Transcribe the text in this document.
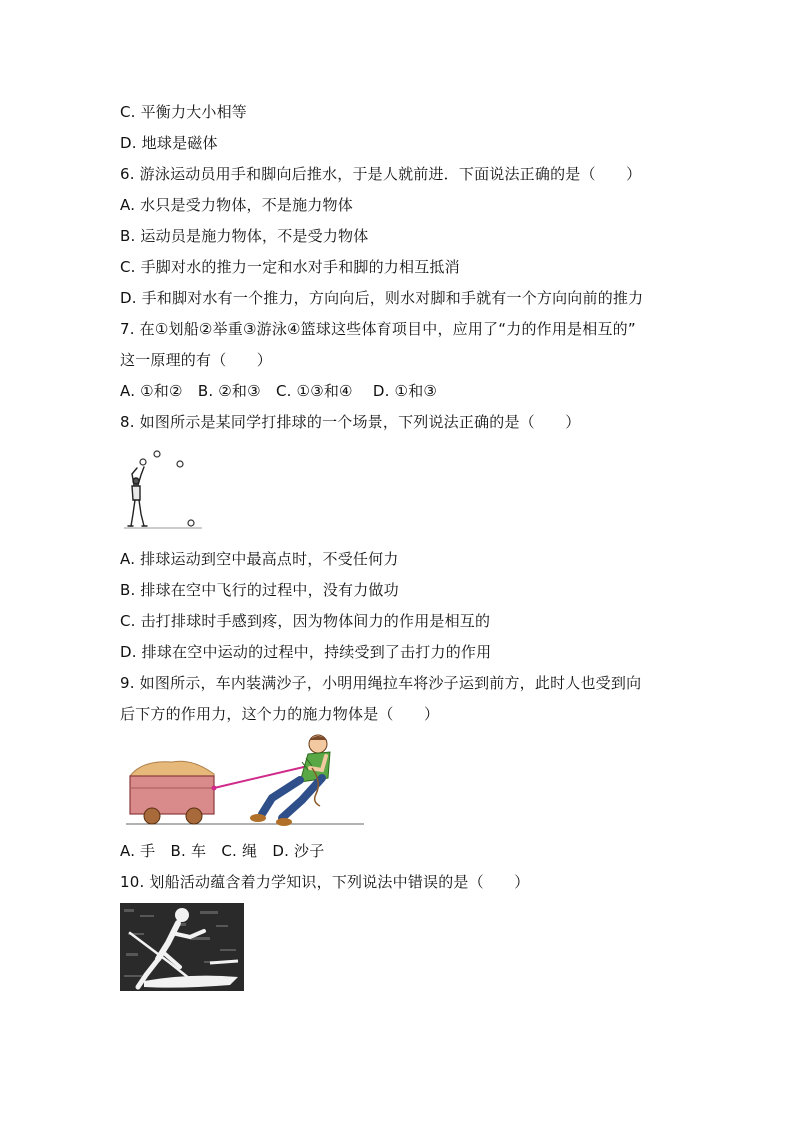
C. 平衡力大小相等
D. 地球是磁体
6. 游泳运动员用手和脚向后推水，于是人就前进．下面说法正确的是（　　）
A. 水只是受力物体，不是施力物体
B. 运动员是施力物体，不是受力物体
C. 手脚对水的推力一定和水对手和脚的力相互抵消
D. 手和脚对水有一个推力，方向向后，则水对脚和手就有一个方向向前的推力
7. 在①划船②举重③游泳④篮球这些体育项目中，应用了“力的作用是相互的”
这一原理的有（　　）
A. ①和②　B. ②和③　C. ①③和④　 D. ①和③
8. 如图所示是某同学打排球的一个场景，下列说法正确的是（　　）
A. 排球运动到空中最高点时，不受任何力
B. 排球在空中飞行的过程中，没有力做功
C. 击打排球时手感到疼，因为物体间力的作用是相互的
D. 排球在空中运动的过程中，持续受到了击打力的作用
9. 如图所示，车内装满沙子，小明用绳拉车将沙子运到前方，此时人也受到向
后下方的作用力，这个力的施力物体是（　　）
A. 手　B. 车　C. 绳　D. 沙子
10. 划船活动蕴含着力学知识，下列说法中错误的是（　　）
